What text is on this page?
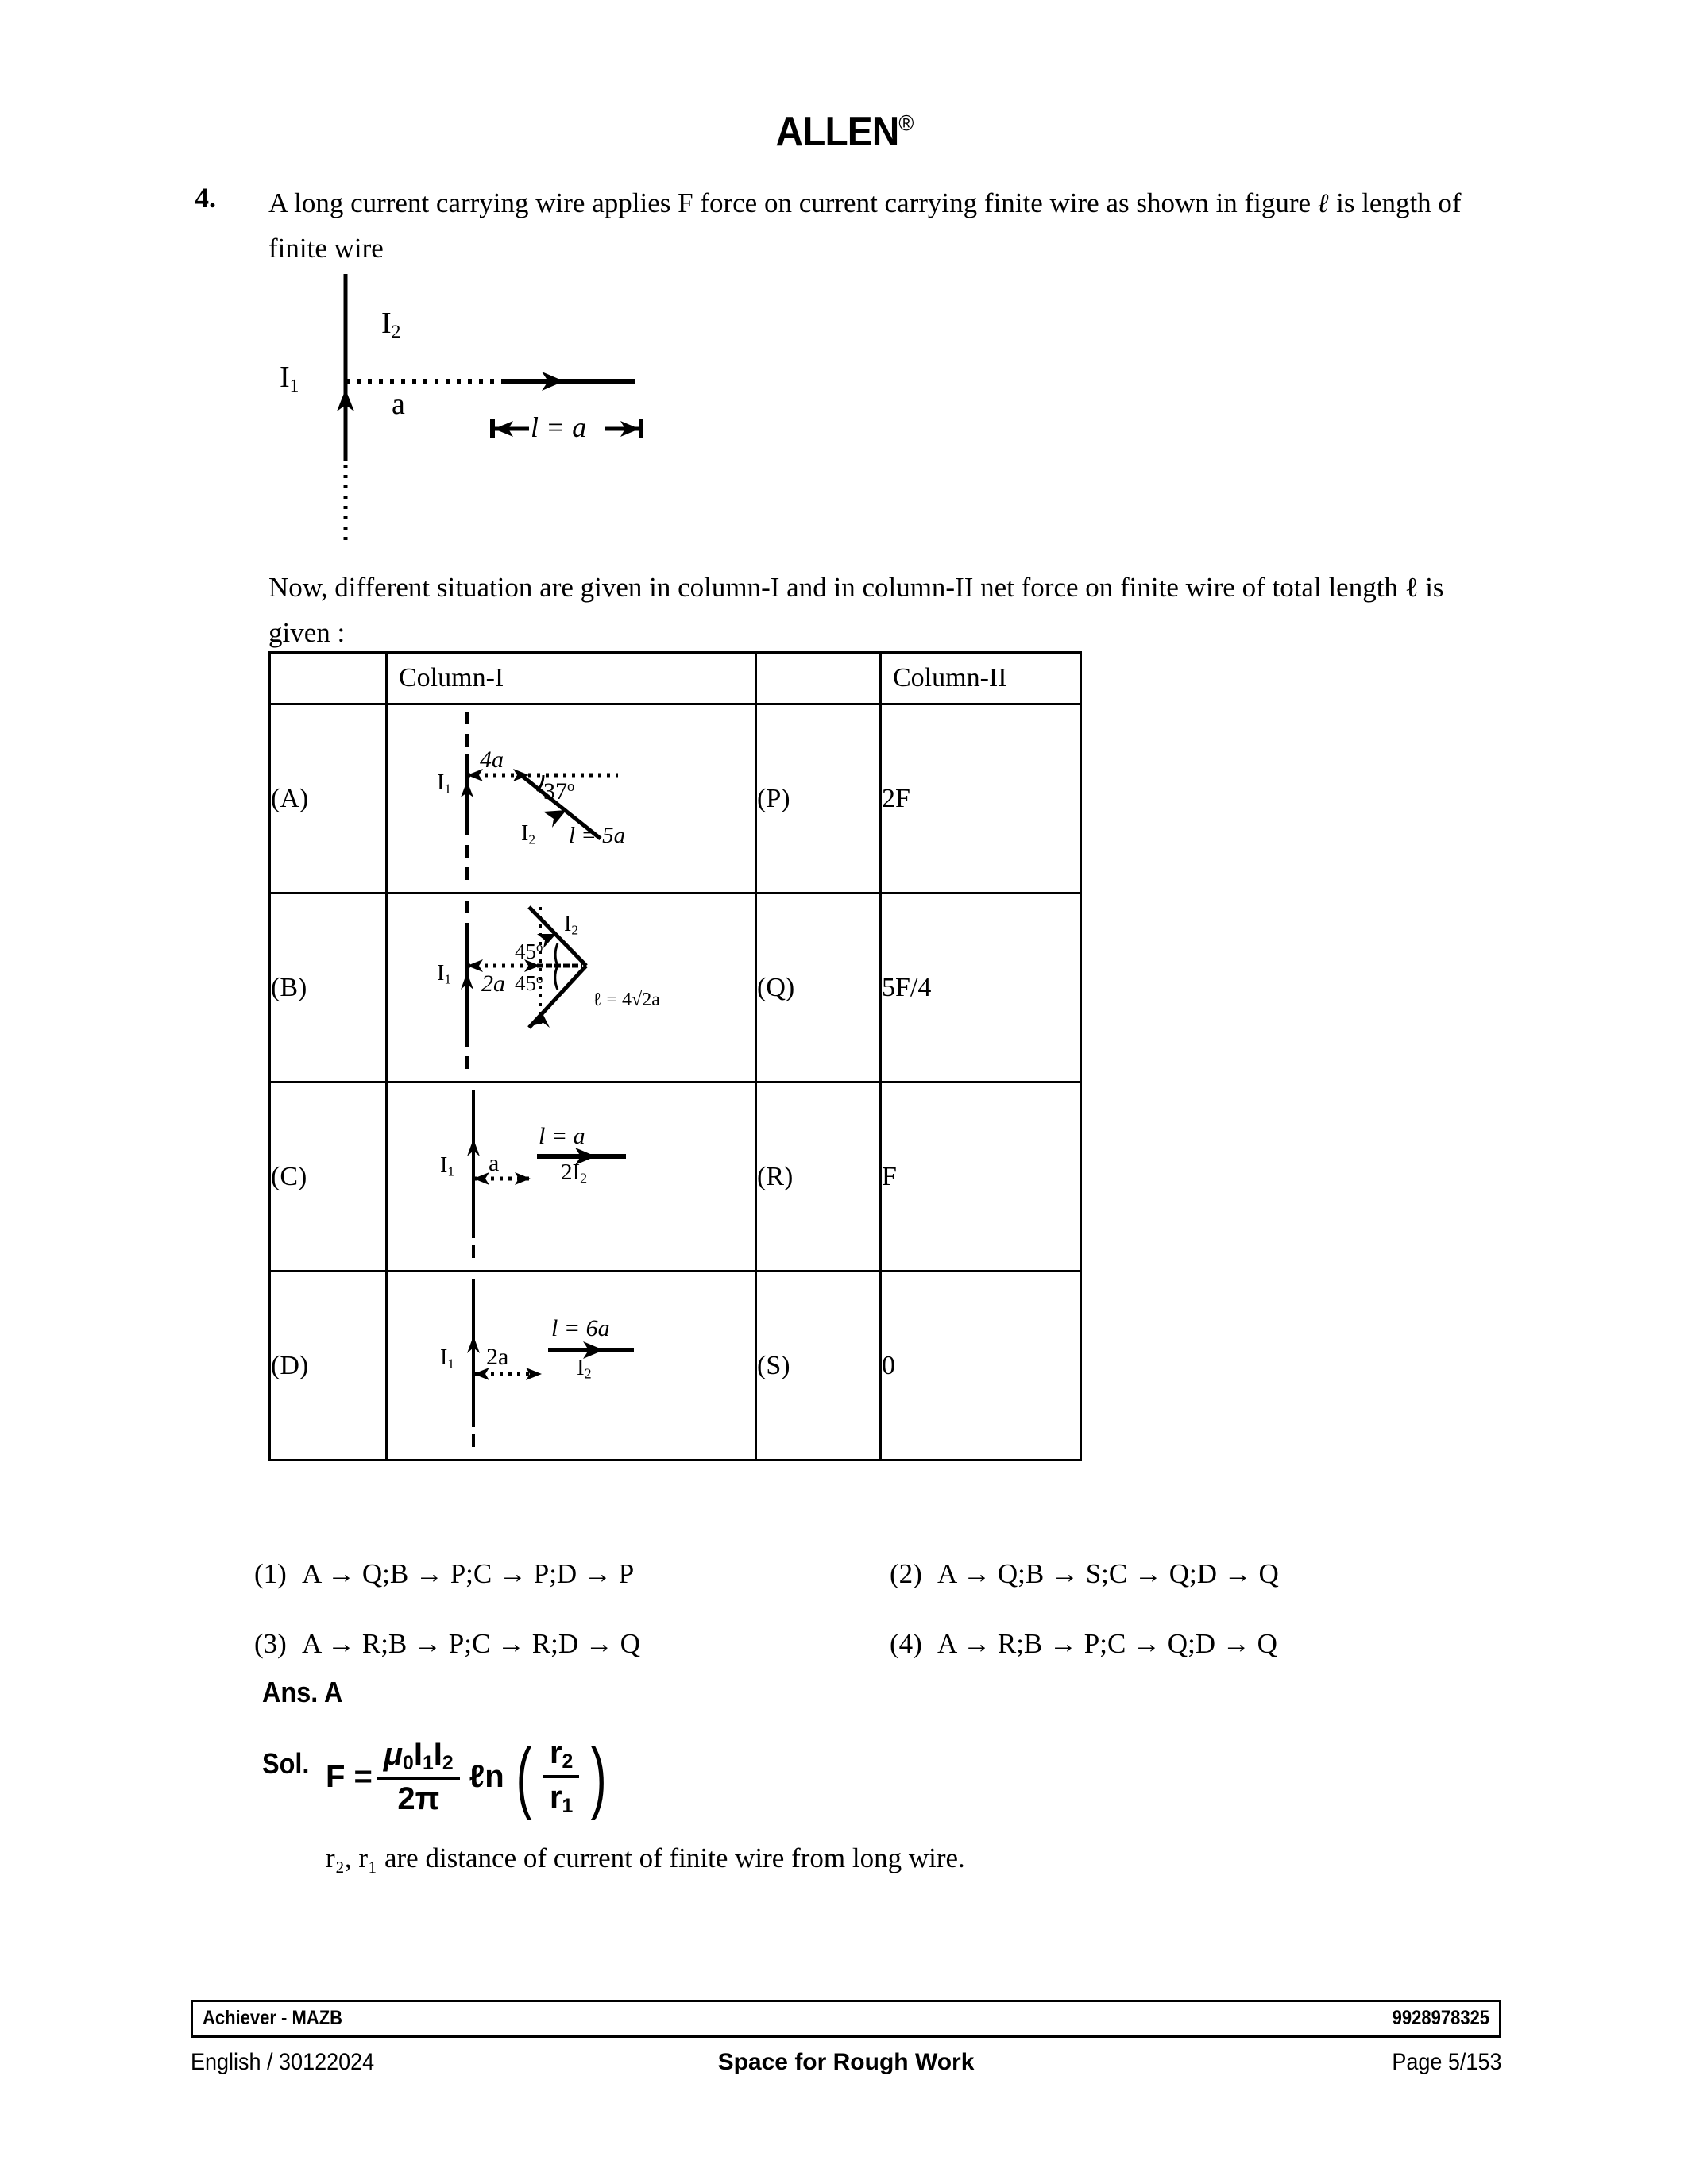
ALLEN®
4. A long current carrying wire applies F force on current carrying finite wire as shown in figure ℓ is length of finite wire
$I_1$
$I_2$
a
l = a
Now, different situation are given in column-I and in column-II net force on finite wire of total length ℓ is given :
	Column-I		Column-II
(A)	$I_1$
4a
37$^o$
$I_2$ l = 5a	(P)	2F
(B)	$I_1$ 2a
$I_2$
45$^o$
45$^o$
ℓ = 4√2a	(Q)	5F/4
(C)	$I_1$ a
l = a
$2I_2$	(R)	F
(D)	$I_1$ 2a
l = 6a
$I_2$	(S)	0
(1) A → Q;B → P;C → P;D → P	(2) A → Q;B → S;C → Q;D → Q
(3) A → R;B → P;C → R;D → Q	(4) A → R;B → P;C → Q;D → Q
Ans. A
Sol. $F = \frac{\mu_0I_1I_2}{2\pi}$ ℓn ( $\frac{r_2}{r_1}$ )
r₂, r₁ are distance of current of finite wire from long wire.
Achiever - MAZB	9928978325
English / 30122024	Space for Rough Work	Page 5/153
